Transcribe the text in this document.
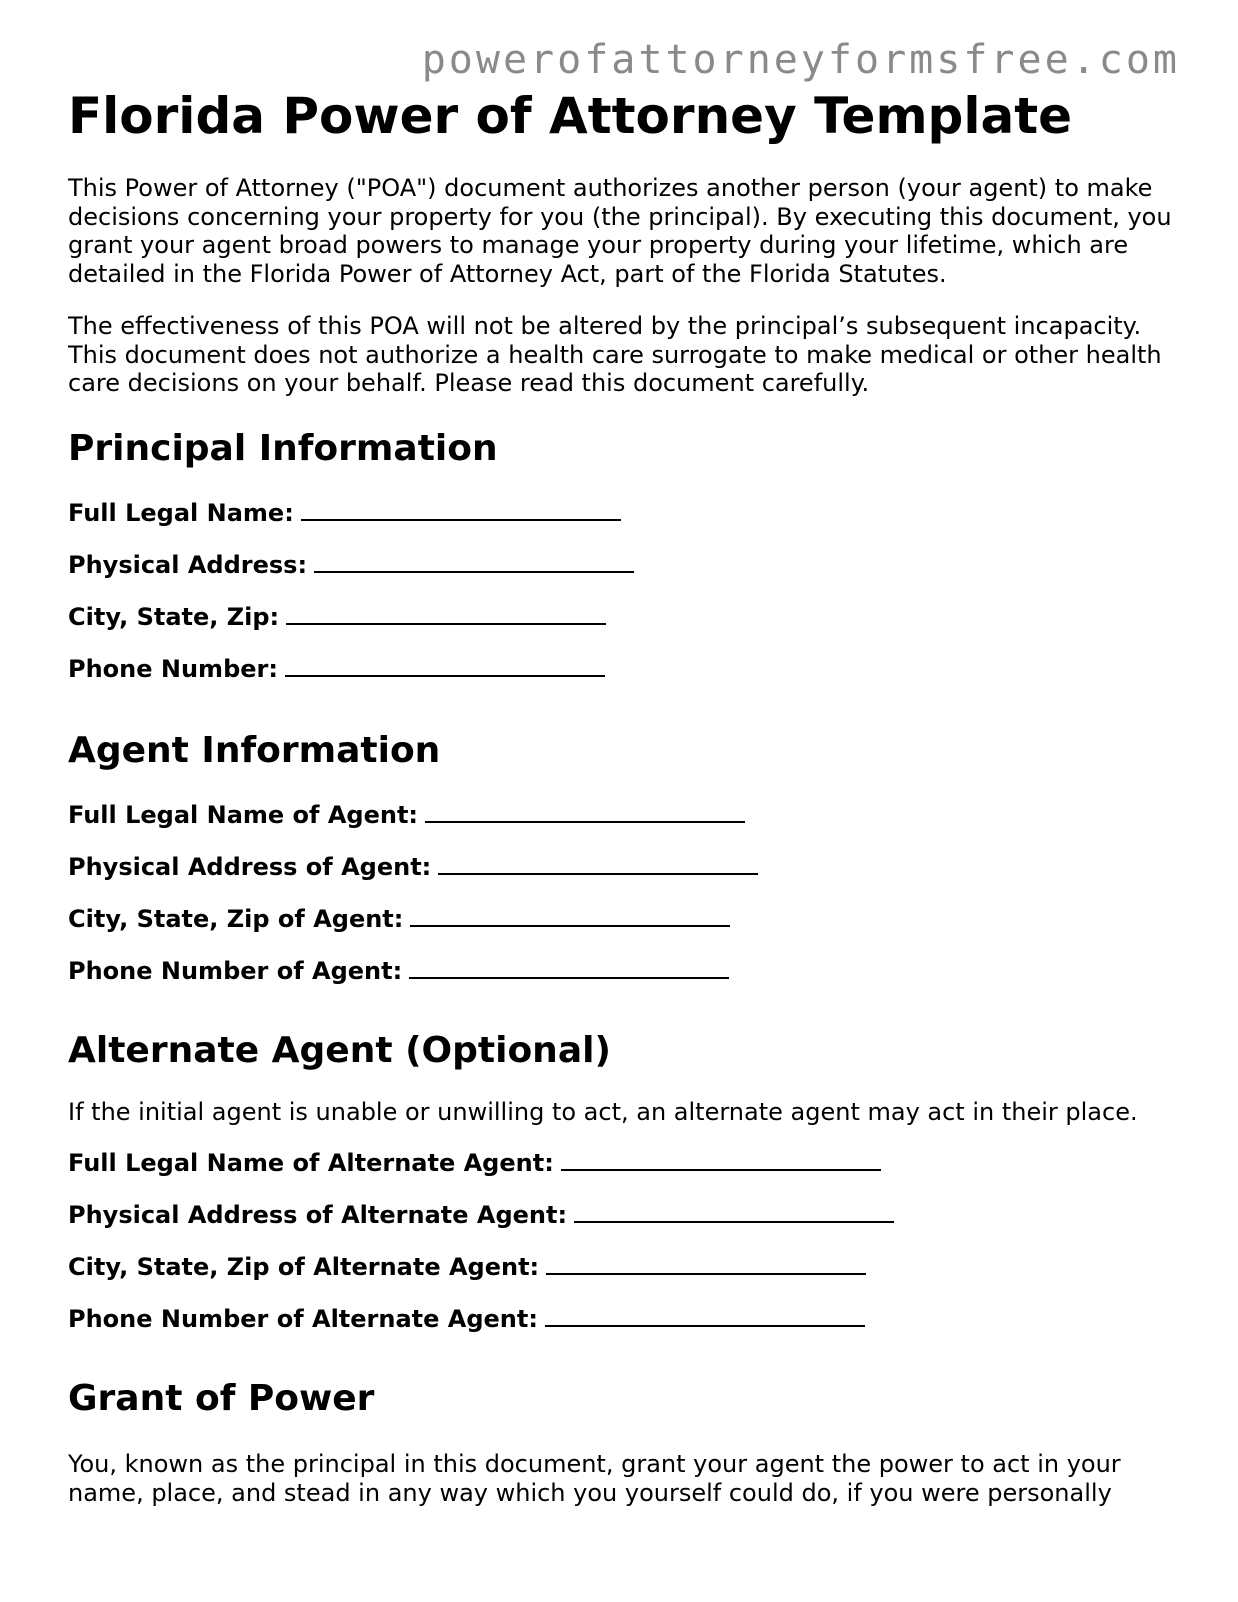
powerofattorneyformsfree.com
Florida Power of Attorney Template

This Power of Attorney ("POA") document authorizes another person (your agent) to make decisions concerning your property for you (the principal). By executing this document, you grant your agent broad powers to manage your property during your lifetime, which are detailed in the Florida Power of Attorney Act, part of the Florida Statutes.

The effectiveness of this POA will not be altered by the principal’s subsequent incapacity. This document does not authorize a health care surrogate to make medical or other health care decisions on your behalf. Please read this document carefully.

Principal Information
Full Legal Name:
Physical Address:
City, State, Zip:
Phone Number:
Agent Information
Full Legal Name of Agent:
Physical Address of Agent:
City, State, Zip of Agent:
Phone Number of Agent:
Alternate Agent (Optional)

If the initial agent is unable or unwilling to act, an alternate agent may act in their place.

Full Legal Name of Alternate Agent:
Physical Address of Alternate Agent:
City, State, Zip of Alternate Agent:
Phone Number of Alternate Agent:
Grant of Power

You, known as the principal in this document, grant your agent the power to act in your name, place, and stead in any way which you yourself could do, if you were personally
